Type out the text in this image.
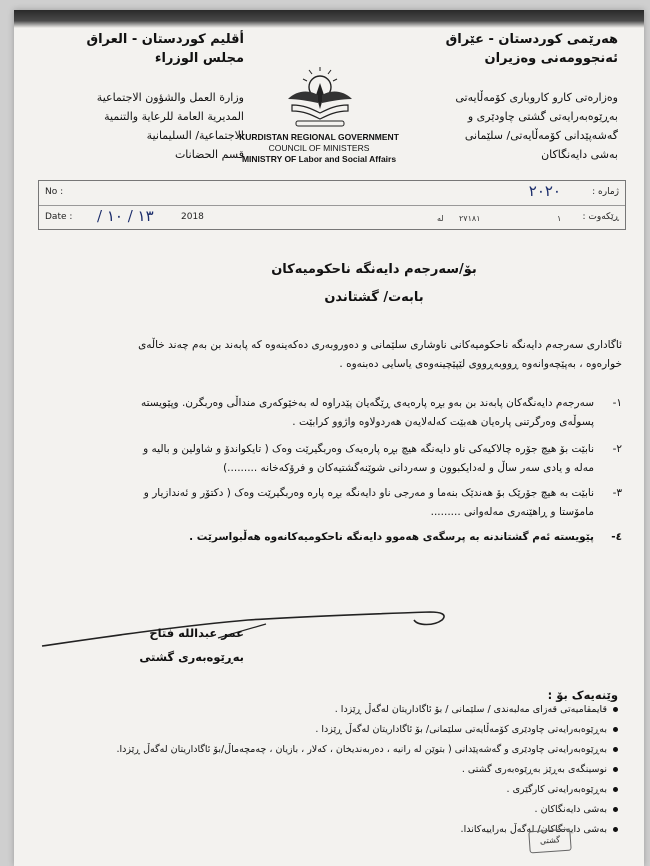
هەرێمی کوردستان - عێراق
ئەنجوومەنی وەزیران
وەزارەتی کارو کاروباری کۆمەڵایەتی
بەڕێوەبەرایەتی گشتی چاودێری و
گەشەپێدانی کۆمەڵایەتی/ سلێمانی
بەشی دایەنگاکان
أقليم كوردستان - العراق
مجلس الوزراء
وزارة العمل والشؤون الاجتماعية
المديرية العامة للرعاية والتنمية
الاجتماعية/ السليمانية
قسم الحضانات
KURDISTAN REGIONAL GOVERNMENT
COUNCIL OF MINISTERS
MINISTRY OF Labor and Social Affairs
No :	ژمارە :
٢٠٢٠
Date : ١٣ / ١٠ /	2018	لە ٢٧١٨١	١ ڕێکەوت :
بۆ/سەرجەم دایەنگە ناحکومیەکان
بابەت/ گشتاندن
ئاگاداری سەرجەم دایەنگە ناحکومیەکانی ناوشاری سلێمانی و دەوروبەری دەکەینەوە کە پابەند بن بەم چەند خاڵەی
خوارەوە ، بەپێچەوانەوە ڕووبەڕووی لێپێچینەوەی یاسایی دەبنەوە .
١-سەرجەم دایەنگەکان پابەند بن بەو بڕە پارەیەی ڕێگەیان پێدراوە لە بەخێوکەری منداڵی وەربگرن. وپێویستە
پسوڵەی وەرگرتنی پارەیان هەبێت کەلەلایەن هەردولاوە واژوو کرابێت .
٢-نابێت بۆ هیچ جۆرە چالاکیەکی ناو دایەنگە هیچ بڕە پارەیەک وەربگیرێت وەک ( تایکواندۆ و شاولین و بالیە و
مەلە و یادی سەر ساڵ و لەدایکبوون و سەردانی شوێنەگشتیەکان و فرۆکەخانە .........)
٣-نابێت بە هیچ جۆرێک بۆ هەندێک بنەما و مەرجی ناو دایەنگە بڕە پارە وەربگیرێت وەک ( دکتۆر و ئەندازیار و
مامۆستا و ڕاهێنەری مەلەوانی .........
٤-پێویستە ئەم گشتاندنە بە پرسگەی هەموو دایەنگە ناحکومیەکانەوە هەڵبواسرێت .
عمر عبدالله فتاح
بەڕێوەبەری گشتی
وێنەیەک بۆ :
قایمقامیەتی قەزای مەلبەندی / سلێمانی / بۆ ئاگاداریتان لەگەڵ ڕێزدا .
بەڕێوەبەرایەتی چاودێری کۆمەڵایەتی سلێمانی/ بۆ ئاگاداریتان لەگەڵ ڕێزدا .
بەڕێوەبەرایەتی چاودێری و گەشەپێدانی ( بتوێن لە رانیە ، دەربەندیخان ، کەلار ، بازیان ، چەمچەماڵ/بۆ ئاگاداریتان لەگەڵ ڕێزدا.
نوسینگەی بەڕێز بەڕێوەبەری گشتی .
بەڕێوەبەرایەتی کارگێری .
بەشی دایەنگاکان .
بەشی دایەنگاکان/ لەگەڵ بەراییەکاندا.
گشتی
